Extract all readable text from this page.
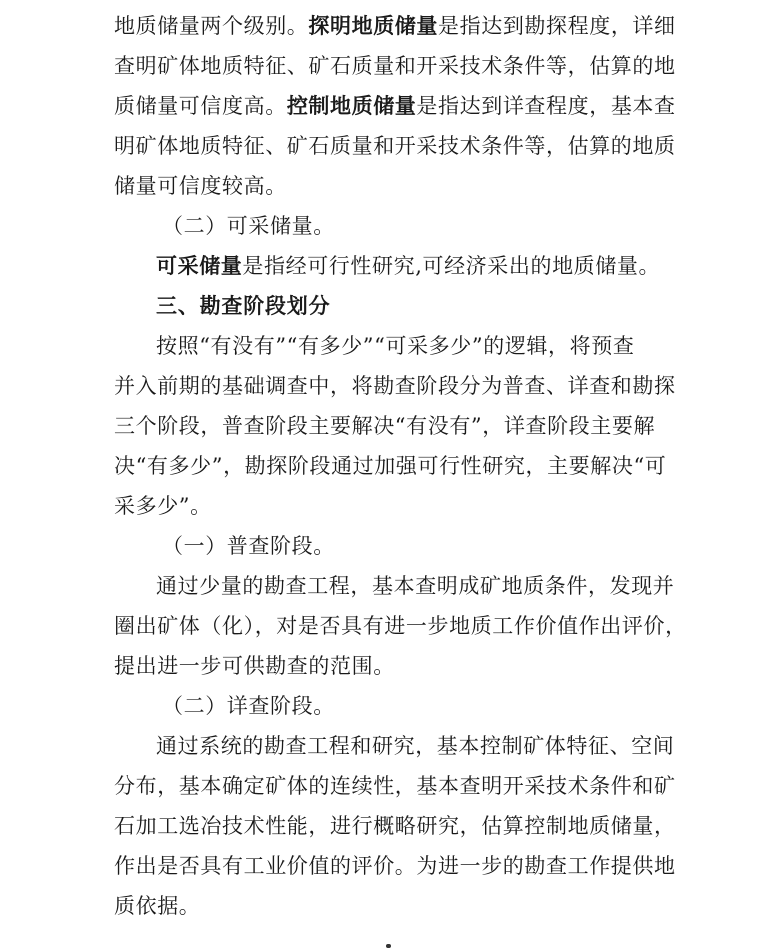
地质储量两个级别。探明地质储量是指达到勘探程度，详细
查明矿体地质特征、矿石质量和开采技术条件等，估算的地
质储量可信度高。控制地质储量是指达到详查程度，基本查
明矿体地质特征、矿石质量和开采技术条件等，估算的地质
储量可信度较高。
（二）可采储量。
可采储量是指经可行性研究,可经济采出的地质储量。
三、勘查阶段划分
按照“有没有”“有多少”“可采多少”的逻辑，将预查
并入前期的基础调查中，将勘查阶段分为普查、详查和勘探
三个阶段，普查阶段主要解决“有没有”，详查阶段主要解
决“有多少”，勘探阶段通过加强可行性研究，主要解决“可
采多少”。
（一）普查阶段。
通过少量的勘查工程，基本查明成矿地质条件，发现并
圈出矿体（化），对是否具有进一步地质工作价值作出评价，
提出进一步可供勘查的范围。
（二）详查阶段。
通过系统的勘查工程和研究，基本控制矿体特征、空间
分布，基本确定矿体的连续性，基本查明开采技术条件和矿
石加工选冶技术性能，进行概略研究，估算控制地质储量，
作出是否具有工业价值的评价。为进一步的勘查工作提供地
质依据。
